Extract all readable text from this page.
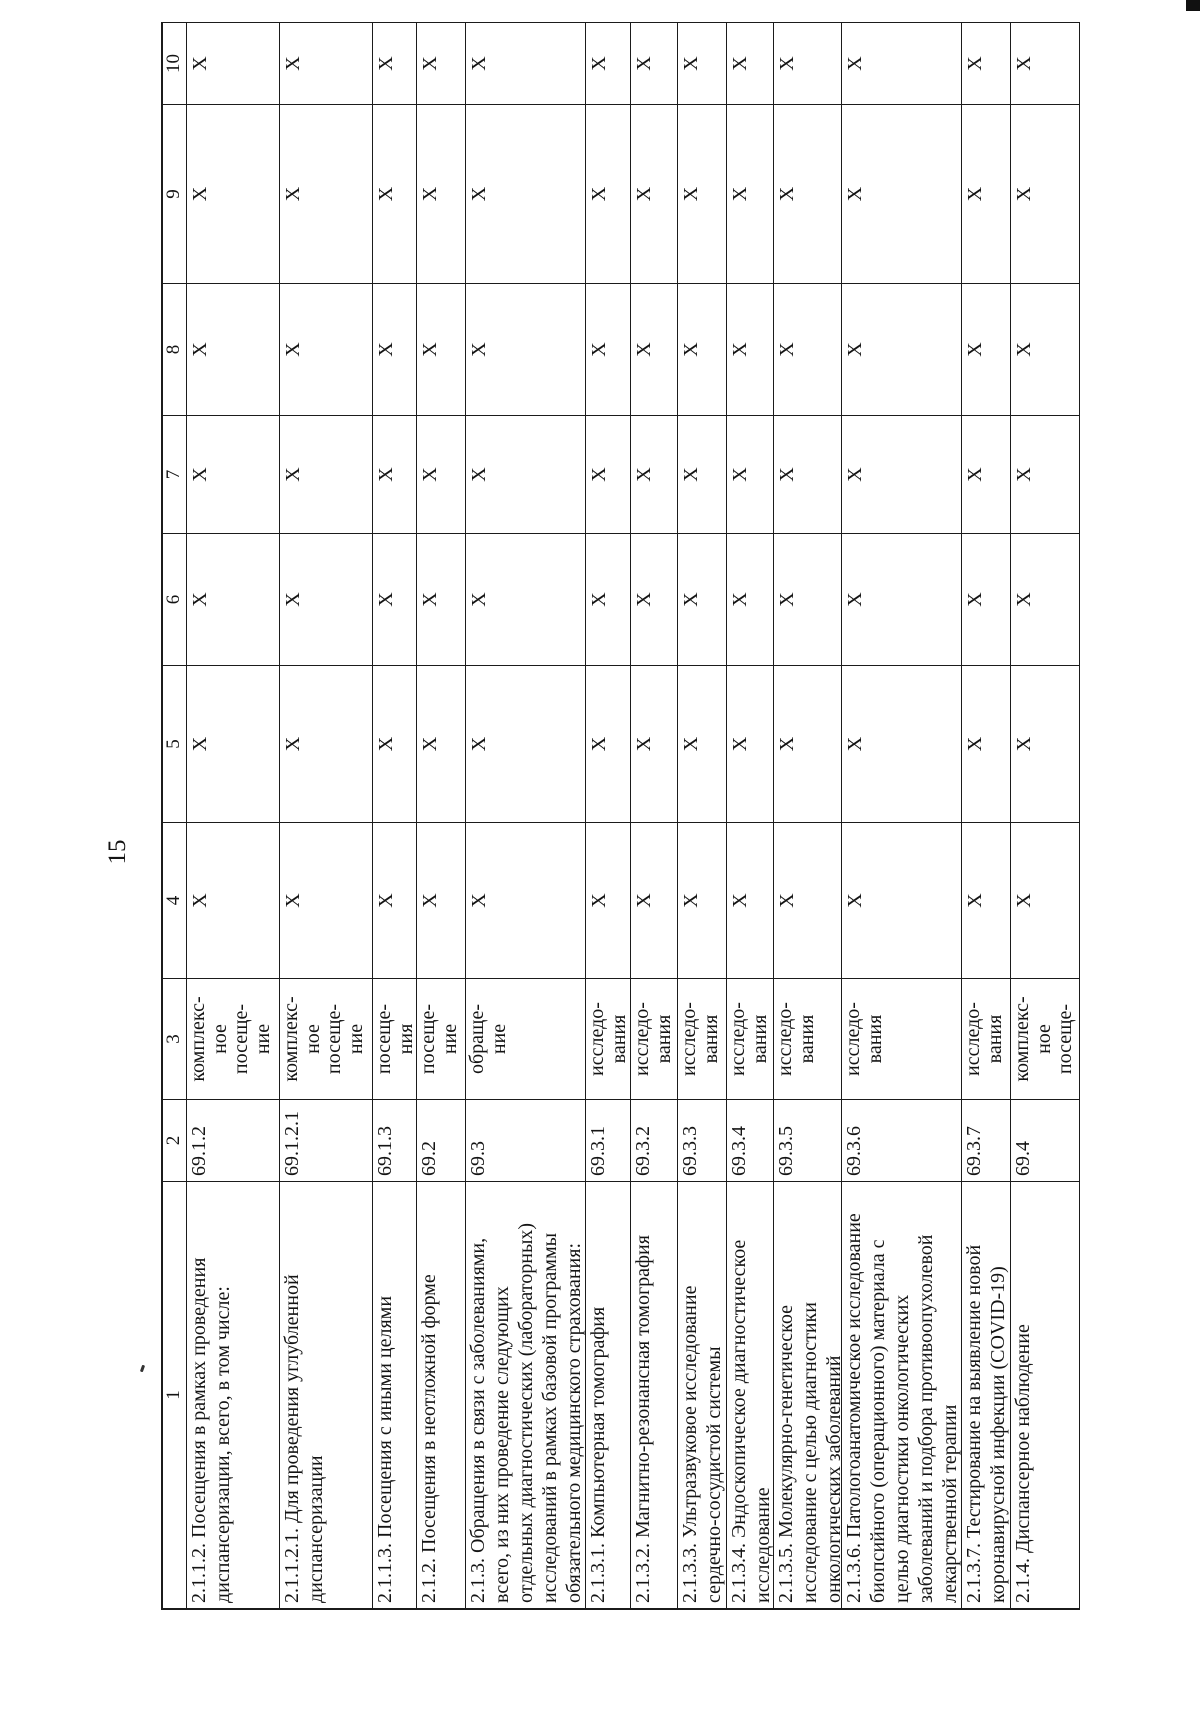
15
1
2
3
4
5
6
7
8
9
10
2.1.1.2. Посещения в рамках проведения
диспансеризации, всего, в том числе:
69.1.2
комплекс-
ное
посеще-
ние
Х
Х
Х
Х
Х
Х
Х
2.1.1.2.1. Для проведения углубленной
диспансеризации
69.1.2.1
комплекс-
ное
посеще-
ние
Х
Х
Х
Х
Х
Х
Х
2.1.1.3. Посещения с иными целями
69.1.3
посеще-
ния
Х
Х
Х
Х
Х
Х
Х
2.1.2. Посещения в неотложной форме
69.2
посеще-
ние
Х
Х
Х
Х
Х
Х
Х
2.1.3. Обращения в связи с заболеваниями,
всего, из них проведение следующих
отдельных диагностических (лабораторных)
исследований в рамках базовой программы
обязательного медицинского страхования:
69.3
обраще-
ние
Х
Х
Х
Х
Х
Х
Х
2.1.3.1. Компьютерная томография
69.3.1
исследо-
вания
Х
Х
Х
Х
Х
Х
Х
2.1.3.2. Магнитно-резонансная томография
69.3.2
исследо-
вания
Х
Х
Х
Х
Х
Х
Х
2.1.3.3. Ультразвуковое исследование
сердечно-сосудистой системы
69.3.3
исследо-
вания
Х
Х
Х
Х
Х
Х
Х
2.1.3.4. Эндоскопическое диагностическое
исследование
69.3.4
исследо-
вания
Х
Х
Х
Х
Х
Х
Х
2.1.3.5. Молекулярно-генетическое
исследование с целью диагностики
онкологических заболеваний
69.3.5
исследо-
вания
Х
Х
Х
Х
Х
Х
Х
2.1.3.6. Патологоанатомическое исследование
биопсийного (операционного) материала с
целью диагностики онкологических
заболеваний и подбора противоопухолевой
лекарственной терапии
69.3.6
исследо-
вания
Х
Х
Х
Х
Х
Х
Х
2.1.3.7. Тестирование на выявление новой
коронавирусной инфекции (COVID-19)
69.3.7
исследо-
вания
Х
Х
Х
Х
Х
Х
Х
2.1.4. Диспансерное наблюдение
69.4
комплекс-
ное
посеще-
Х
Х
Х
Х
Х
Х
Х
